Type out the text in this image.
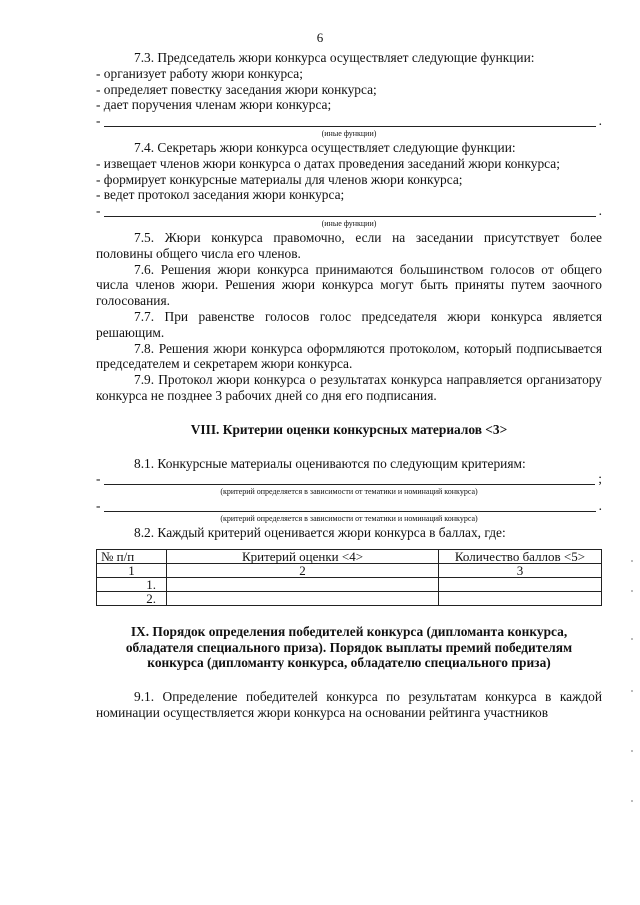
6

7.3. Председатель жюри конкурса осуществляет следующие функции:

- организует работу жюри конкурса;

- определяет повестку заседания жюри конкурса;

- дает поручения членам жюри конкурса;

-	.

(иные функции)

7.4. Секретарь жюри конкурса осуществляет следующие функции:

- извещает членов жюри конкурса о датах проведения заседаний жюри конкурса;

- формирует конкурсные материалы для членов жюри конкурса;

- ведет протокол заседания жюри конкурса;

-	.

(иные функции)

7.5. Жюри конкурса правомочно, если на заседании присутствует более половины общего числа его членов.

7.6. Решения жюри конкурса принимаются большинством голосов от общего числа членов жюри. Решения жюри конкурса могут быть приняты путем заочного голосования.

7.7. При равенстве голосов голос председателя жюри конкурса является решающим.

7.8. Решения жюри конкурса оформляются протоколом, который подписывается председателем и секретарем жюри конкурса.

7.9. Протокол жюри конкурса о результатах конкурса направляется организатору конкурса не позднее 3 рабочих дней со дня его подписания.

VIII. Критерии оценки конкурсных материалов <3>

8.1. Конкурсные материалы оцениваются по следующим критериям:

-	;

(критерий определяется в зависимости от тематики и номинаций конкурса)

-	.

(критерий определяется в зависимости от тематики и номинаций конкурса)

8.2. Каждый критерий оценивается жюри конкурса в баллах, где:

№ п/п	Критерий оценки <4>	Количество баллов <5>
1	2	3
1.		
2.		

IX. Порядок определения победителей конкурса (дипломанта конкурса, обладателя специального приза). Порядок выплаты премий победителям конкурса (дипломанту конкурса, обладателю специального приза)

9.1. Определение победителей конкурса по результатам конкурса в каждой номинации осуществляется жюри конкурса на основании рейтинга участников
